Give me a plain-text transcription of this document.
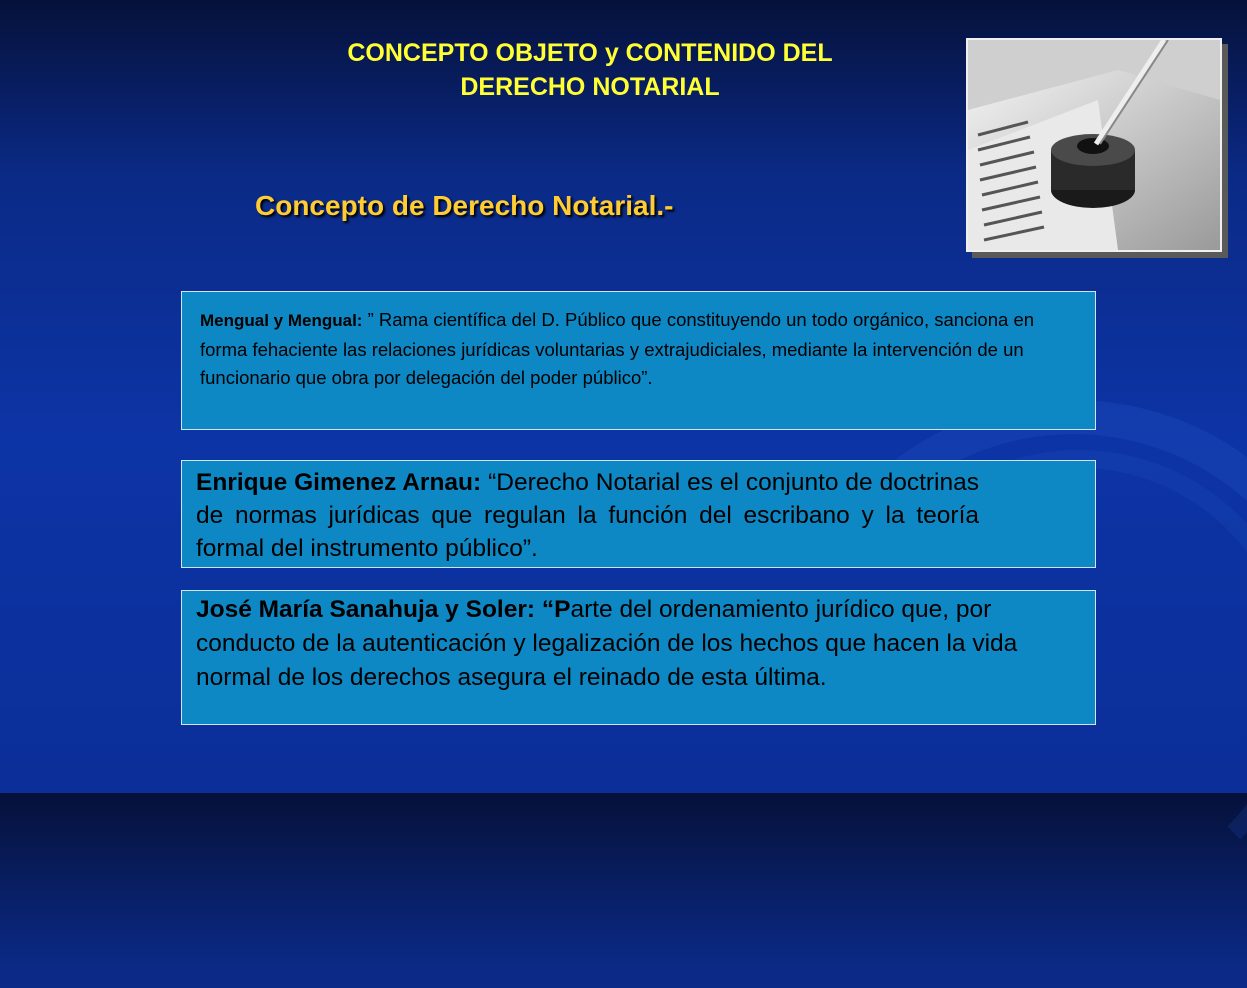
CONCEPTO OBJETO y CONTENIDO DEL
DERECHO NOTARIAL
Concepto de Derecho Notarial.-
Mengual y Mengual: ” Rama científica del D. Público que constituyendo un todo orgánico, sanciona en forma fehaciente las relaciones jurídicas voluntarias y extrajudiciales, mediante la intervención de un funcionario que obra por delegación del poder público”.
Enrique Gimenez Arnau: “Derecho Notarial es el conjunto de doctrinas de normas jurídicas que regulan la función del escribano y la teoría formal del instrumento público”.
José María Sanahuja y Soler: “Parte del ordenamiento jurídico que, por conducto de la autenticación y legalización de los hechos que hacen la vida normal de los derechos asegura el reinado de esta última.
